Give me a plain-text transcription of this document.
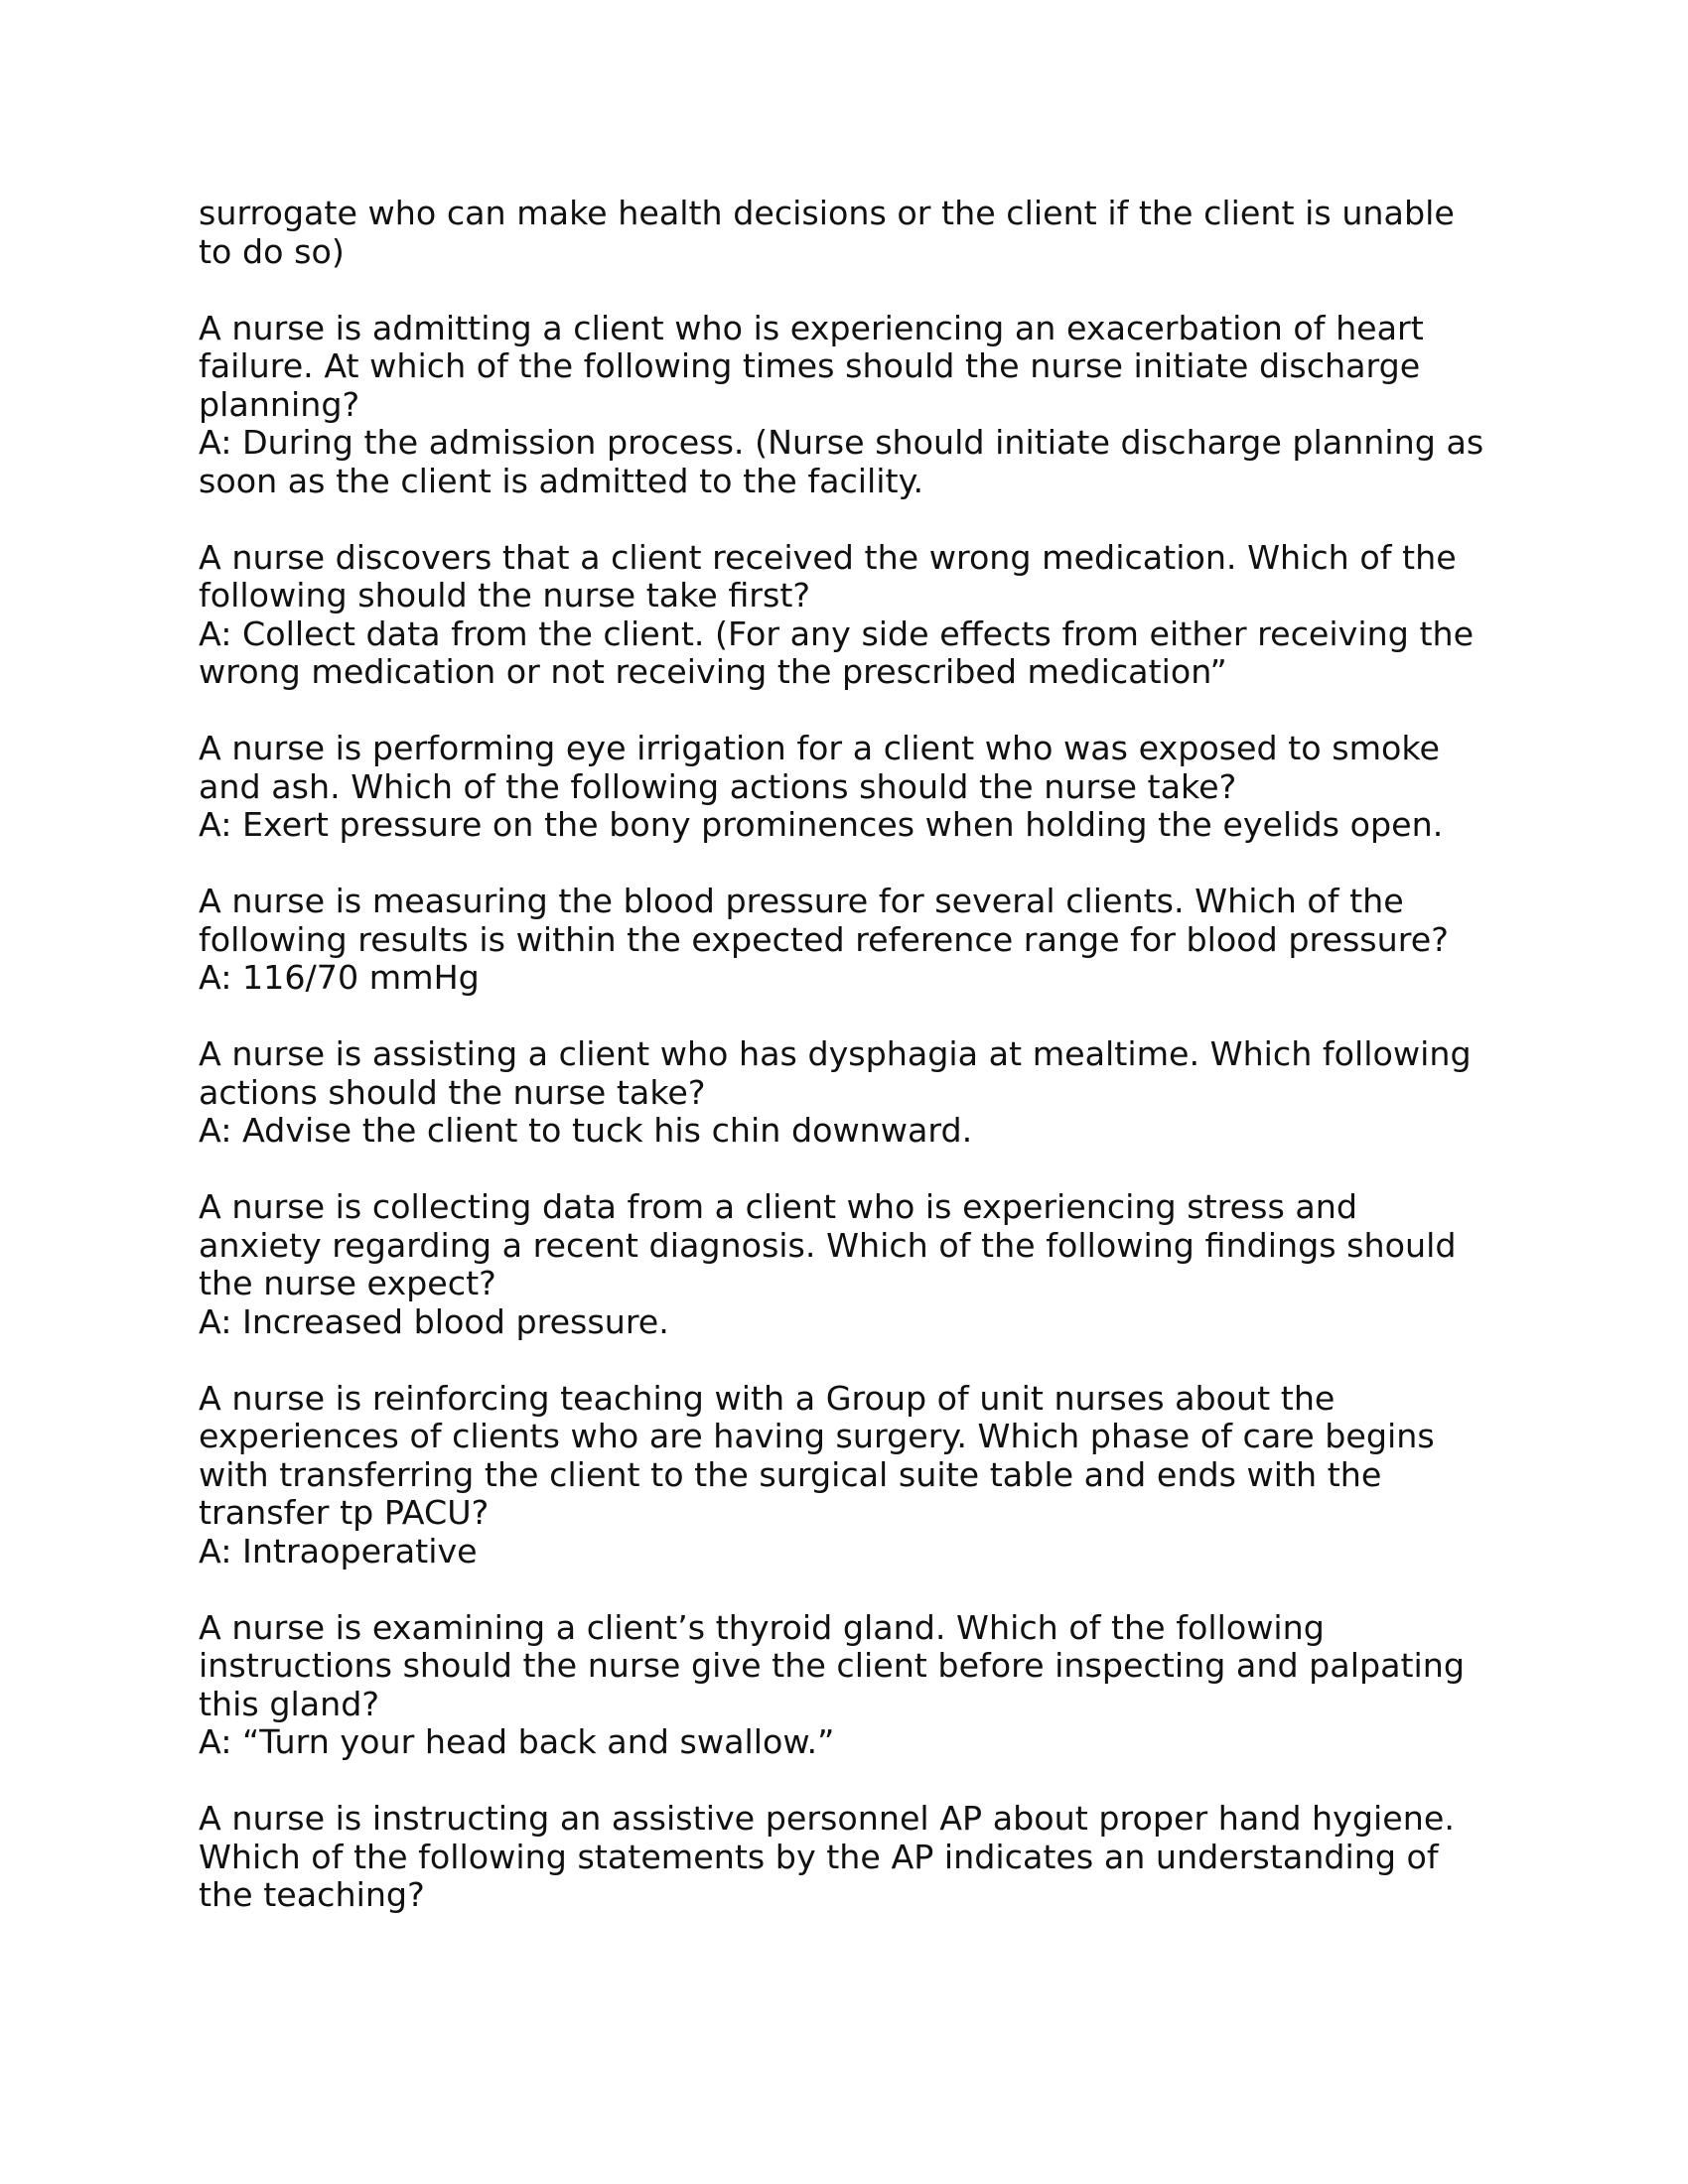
surrogate who can make health decisions or the client if the client is unable

to do so)

A nurse is admitting a client who is experiencing an exacerbation of heart

failure. At which of the following times should the nurse initiate discharge

planning?

A: During the admission process. (Nurse should initiate discharge planning as

soon as the client is admitted to the facility.

A nurse discovers that a client received the wrong medication. Which of the

following should the nurse take first?

A: Collect data from the client. (For any side effects from either receiving the

wrong medication or not receiving the prescribed medication”

A nurse is performing eye irrigation for a client who was exposed to smoke

and ash. Which of the following actions should the nurse take?

A: Exert pressure on the bony prominences when holding the eyelids open.

A nurse is measuring the blood pressure for several clients. Which of the

following results is within the expected reference range for blood pressure?

A: 116/70 mmHg

A nurse is assisting a client who has dysphagia at mealtime. Which following

actions should the nurse take?

A: Advise the client to tuck his chin downward.

A nurse is collecting data from a client who is experiencing stress and

anxiety regarding a recent diagnosis. Which of the following findings should

the nurse expect?

A: Increased blood pressure.

A nurse is reinforcing teaching with a Group of unit nurses about the

experiences of clients who are having surgery. Which phase of care begins

with transferring the client to the surgical suite table and ends with the

transfer tp PACU?

A: Intraoperative

A nurse is examining a client’s thyroid gland. Which of the following

instructions should the nurse give the client before inspecting and palpating

this gland?

A: “Turn your head back and swallow.”

A nurse is instructing an assistive personnel AP about proper hand hygiene.

Which of the following statements by the AP indicates an understanding of

the teaching?
